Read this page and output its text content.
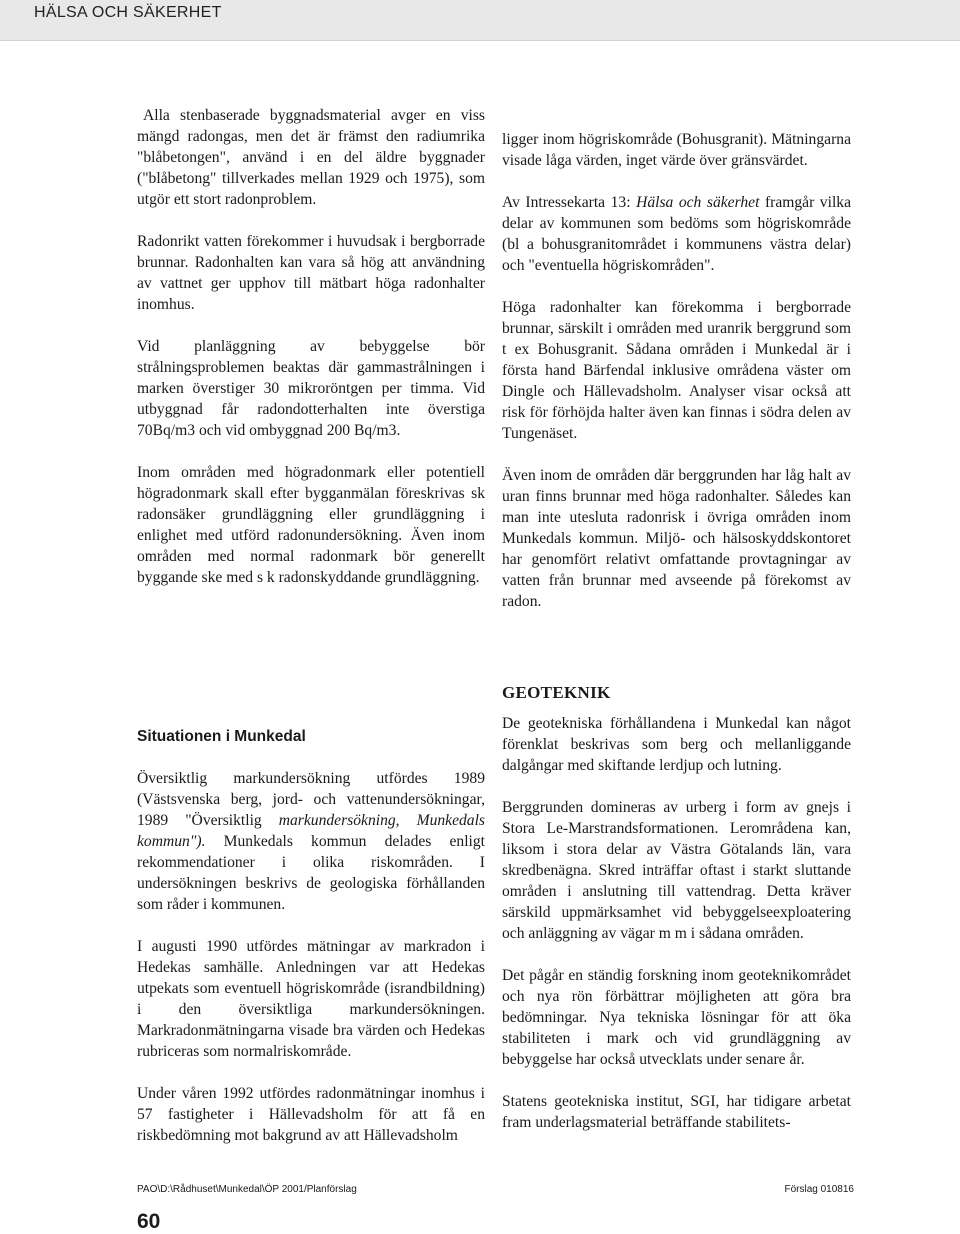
HÄLSA OCH SÄKERHET

Alla stenbaserade byggnadsmaterial avger en viss mängd radongas, men det är främst den radiumrika "blåbetongen", använd i en del äldre byggnader ("blåbetong" tillverkades mellan 1929 och 1975), som utgör ett stort radonproblem.

Radonrikt vatten förekommer i huvudsak i bergborrade brunnar. Radonhalten kan vara så hög att användning av vattnet ger upphov till mätbart höga radonhalter inomhus.

Vid planläggning av bebyggelse bör strålningsproblemen beaktas där gammastrålningen i marken överstiger 30 mikroröntgen per timma. Vid utbyggnad får radondotterhalten inte överstiga 70Bq/m3 och vid ombyggnad 200 Bq/m3.

Inom områden med högradonmark eller potentiell högradonmark skall efter bygganmälan föreskrivas sk radonsäker grundläggning eller grundläggning i enlighet med utförd radonundersökning. Även inom områden med normal radonmark bör generellt byggande ske med s k radonskyddande grundläggning.

Situationen i Munkedal

Översiktlig markundersökning utfördes 1989 (Västsvenska berg, jord- och vattenundersökningar, 1989 "Översiktlig markundersökning, Munkedals kommun"). Munkedals kommun delades enligt rekommendationer i olika riskområden. I undersökningen beskrivs de geologiska förhållanden som råder i kommunen.

I augusti 1990 utfördes mätningar av markradon i Hedekas samhälle. Anledningen var att Hedekas utpekats som eventuell högriskområde (israndbildning) i den översiktliga markundersökningen. Markradonmätningarna visade bra värden och Hedekas rubriceras som normalriskområde.

Under våren 1992 utfördes radonmätningar inomhus i 57 fastigheter i Hällevadsholm för att få en riskbedömning mot bakgrund av att Hällevadsholm

ligger inom högriskområde (Bohusgranit). Mätningarna visade låga värden, inget värde över gränsvärdet.

Av Intressekarta 13: Hälsa och säkerhet framgår vilka delar av kommunen som bedöms som högriskområde (bl a bohusgranitområdet i kommunens västra delar) och "eventuella högriskområden".

Höga radonhalter kan förekomma i bergborrade brunnar, särskilt i områden med uranrik berggrund som t ex Bohusgranit. Sådana områden i Munkedal är i första hand Bärfendal inklusive områdena väster om Dingle och Hällevadsholm. Analyser visar också att risk för förhöjda halter även kan finnas i södra delen av Tungenäset.

Även inom de områden där berggrunden har låg halt av uran finns brunnar med höga radonhalter. Således kan man inte utesluta radonrisk i övriga områden inom Munkedals kommun. Miljö- och hälsoskyddskontoret har genomfört relativt omfattande provtagningar av vatten från brunnar med avseende på förekomst av radon.

GEOTEKNIK

De geotekniska förhållandena i Munkedal kan något förenklat beskrivas som berg och mellanliggande dalgångar med skiftande lerdjup och lutning.

Berggrunden domineras av urberg i form av gnejs i Stora Le-Marstrandsformationen. Lerområdena kan, liksom i stora delar av Västra Götalands län, vara skredbenägna. Skred inträffar oftast i starkt sluttande områden i anslutning till vattendrag. Detta kräver särskild uppmärksamhet vid bebyggelseexploatering och anläggning av vägar m m i sådana områden.

Det pågår en ständig forskning inom geoteknikområdet och nya rön förbättrar möjligheten att göra bra bedömningar. Nya tekniska lösningar för att öka stabiliteten i mark och vid grundläggning av bebyggelse har också utvecklats under senare år.

Statens geotekniska institut, SGI, har tidigare arbetat fram underlagsmaterial beträffande stabilitets-

PAO\D:\Rådhuset\Munkedal\ÖP 2001/Planförslag	Förslag 010816
60
